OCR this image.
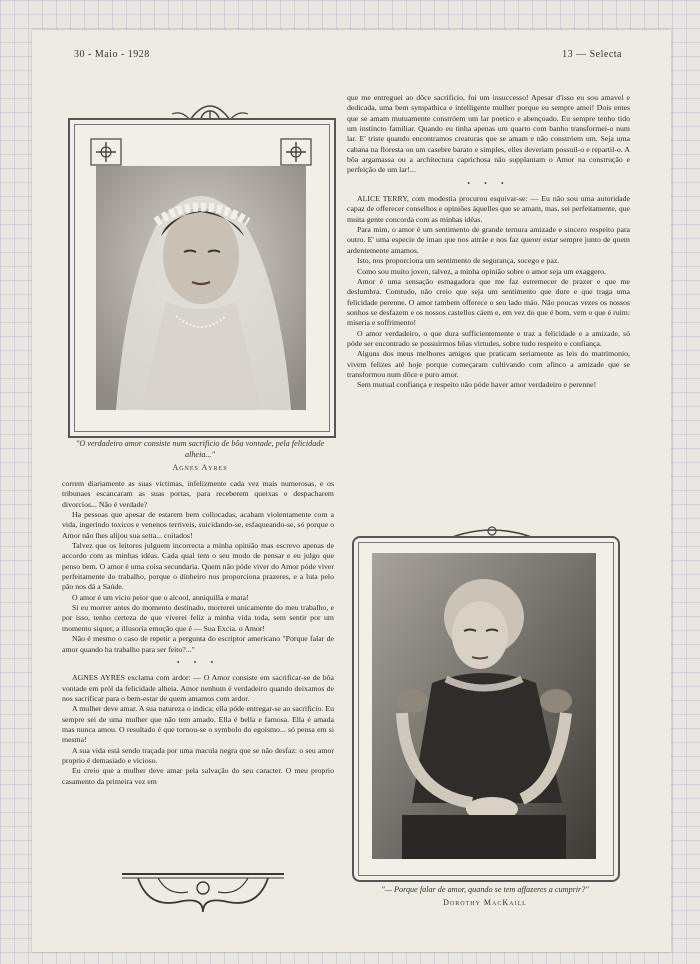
30 - Maio - 1928	13 — Selecta
"O verdadeiro amor consiste num sacrificio de bôa vontade, pela felicidade alheia..."
Agnes Ayres

correm diariamente as suas victimas, infelizmente cada vez mais numerosas, e os tribunaes escancaram as suas portas, para receberem queixas e despacharem divorcios... Não é verdade?

Ha pessoas que apesar de estarem bem collocadas, acabam violentamente com a vida, ingerindo toxicos e venenos terriveis, suicidando-se, esfaqueando-se, só porque o Amor não lhes alijou sua setta... coitados!

Talvez que os leitores julguem incorrecta a minha opinião mas escrevo apenas de accordo com as minhas idéas. Cada qual tem o seu modo de pensar e eu julgo que penso bem. O amor é uma coisa secundaria. Quem não póde viver do Amor póde viver perfeitamente do trabalho, porque o dinheiro nos proporciona prazeres, e a luta pelo pão nos dá a Saúde.

O amor é um vicio peior que o alcool, anniquilla e mata!

Si eu morrer antes do momento destinado, morrerei unicamente do meu trabalho, e por isso, tenho certeza de que viverei feliz a minha vida toda, sem sentir por um momento siquer, a illusoria emoção que é — Sua Excia. o Amor!

Não é mesmo o caso de repetir a pergunta do escriptor americano "Porque falar de amor quando ha trabalho para ser feito?..."

• • •

AGNES AYRES exclama com ardor: — O Amor consiste em sacrificar-se de bôa vontade em pról da felicidade alheia. Amor nenhum é verdadeiro quando deixamos de nos sacrificar para o bem-estar de quem amamos com ardor.

A mulher deve amar. A sua natureza o indica; ella póde entregar-se ao sacrificio. Eu sempre sei de uma mulher que não tem amado. Ella é bella e famosa. Ella é amada mas nunca amou. O resultado é que tornou-se o symbolo do egoismo... só pensa em si mesma!

A sua vida está sendo traçada por uma macula negra que se não desfaz: o seu amor proprio é demasiado e vicioso.

Eu creio que a mulher deve amar pela salvação do seu caracter. O meu proprio casamento da primeira vez em

que me entreguei ao dôce sacrificio, foi um insuccesso! Apesar d'isso eu sou amavel e dedicada, uma bem sympathica e intelligente mulher porque eu sempre amei! Dois entes que se amam mutuamente constróem um lar poetico e abençoado. Eu sempre tenho tido um instincto familiar. Quando eu tinha apenas um quarto com banho transformei-o num lar. E' triste quando encontramos creaturas que se amam e não constróem um. Seja uma cabana na floresta ou um casebre barato e simples, elles deveriam possuil-o e repartil-o. A bôa argamassa ou a architectura caprichosa não supplantam o Amor na construção e perfeição de um lar!...

• • •

ALICE TERRY, com modestia procurou esquivar-se: — Eu não sou uma autoridade capaz de offerecer conselhos e opiniões áquelles que se amam, mas, sei perfeitamente, que muita gente concorda com as minhas idéas.

Para mim, o amor é um sentimento de grande ternura amizade e sincero respeito para outro. E' uma especie de iman que nos attráe e nos faz querer estar sempre junto de quem ardentemente amamos.

Isto, nos proporciona um sentimento de segurança, socego e paz.

Como sou muito joven, talvez, a minha opinião sobre o amor seja um exaggero.

Amor é uma sensação esmagadora que me faz estremecer de prazer e que me deslumbra. Comtudo, não creio que seja um sentimento que dure e que traga uma felicidade perenne. O amor tambem offerece o seu lado máo. Não poucas vezes os nossos sonhos se desfazem e os nossos castellos cáem e, em vez do que é bom, vem o que é ruim: miseria e soffrimento!

O amor verdadeiro, o que dura sufficientemente e traz a felicidade e a amizade, só póde ser encontrado se possuirmos bôas virtudes, sobre tudo respeito e confiança.

Alguns dos meus melhores amigos que praticam seriamente as leis do matrimonio, vivem felizes até hoje porque começaram cultivando com afinco a amizade que se transformou num dôce e puro amor.

Sem mutual confiança e respeito não póde haver amor verdadeiro e perenne!

"— Porque falar de amor, quando se tem affazeres a cumprir?"
Dorothy MacKaill
